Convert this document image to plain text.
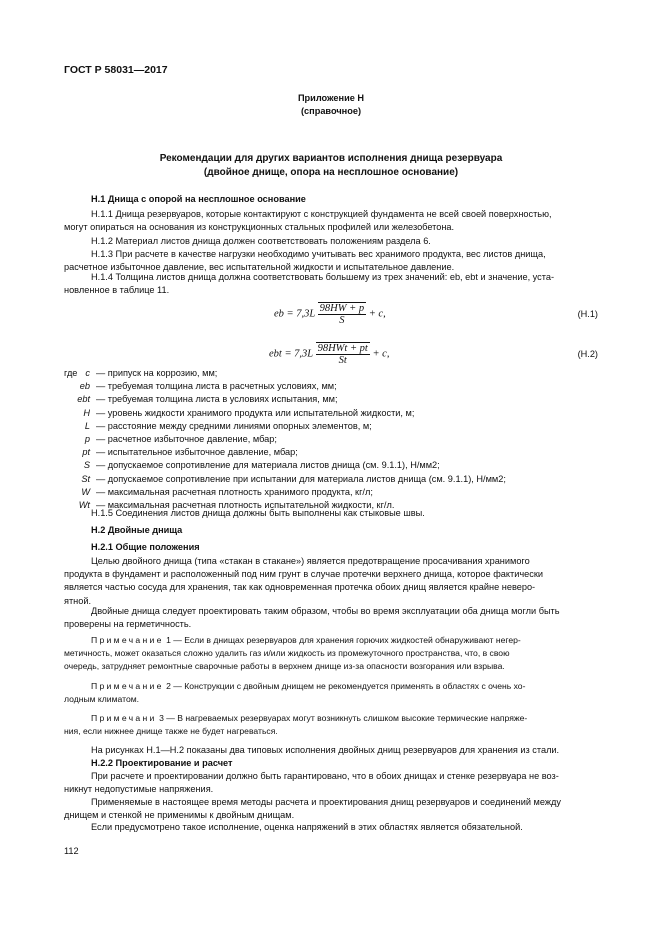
ГОСТ Р 58031—2017
Приложение Н
(справочное)
Рекомендации для других вариантов исполнения днища резервуара
(двойное днище, опора на несплошное основание)
Н.1 Днища с опорой на несплошное основание
Н.1.1 Днища резервуаров, которые контактируют с конструкцией фундамента не всей своей поверхностью,
могут опираться на основания из конструкционных стальных профилей или железобетона.
Н.1.2 Материал листов днища должен соответствовать положениям раздела 6.
Н.1.3 При расчете в качестве нагрузки необходимо учитывать вес хранимого продукта, вес листов днища,
расчетное избыточное давление, вес испытательной жидкости и испытательное давление.
Н.1.4 Толщина листов днища должна соответствовать большему из трех значений: eb, ebt и значение, уста-
новленное в таблице 11.
eb = $7,3L \frac{98HW + p}{S} + c$,	(Н.1)
ebt = $7,3L \frac{\text{98HWt + pt}}{St} + c$,	(Н.2)
где c — припуск на коррозию, мм;
eb — требуемая толщина листа в расчетных условиях, мм;
ebt — требуемая толщина листа в условиях испытания, мм;
H — уровень жидкости хранимого продукта или испытательной жидкости, м;
L — расстояние между средними линиями опорных элементов, м;
p — расчетное избыточное давление, мбар;
pt — испытательное избыточное давление, мбар;
S — допускаемое сопротивление для материала листов днища (см. 9.1.1), Н/мм2;
St — допускаемое сопротивление при испытании для материала листов днища (см. 9.1.1), Н/мм2;
W — максимальная расчетная плотность хранимого продукта, кг/л;
Wt — максимальная расчетная плотность испытательной жидкости, кг/л.
Н.1.5 Соединения листов днища должны быть выполнены как стыковые швы.
Н.2 Двойные днища
Н.2.1 Общие положения
Целью двойного днища (типа «стакан в стакане») является предотвращение просачивания хранимого
продукта в фундамент и расположенный под ним грунт в случае протечки верхнего днища, которое фактически
является частью сосуда для хранения, так как одновременная протечка обоих днищ является крайне неверо-
ятной.
Двойные днища следует проектировать таким образом, чтобы во время эксплуатации оба днища могли быть
проверены на герметичность.
Примечание 1 — Если в днищах резервуаров для хранения горючих жидкостей обнаруживают негер-
метичность, может оказаться сложно удалить газ и/или жидкость из промежуточного пространства, что, в свою
очередь, затрудняет ремонтные сварочные работы в верхнем днище из-за опасности возгорания или взрыва.
Примечание 2 — Конструкции с двойным днищем не рекомендуется применять в областях с очень хо-
лодным климатом.
Примечани 3 — В нагреваемых резервуарах могут возникнуть слишком высокие термические напряже-
ния, если нижнее днище также не будет нагреваться.
На рисунках Н.1—Н.2 показаны два типовых исполнения двойных днищ резервуаров для хранения из стали.
Н.2.2 Проектирование и расчет
При расчете и проектировании должно быть гарантировано, что в обоих днищах и стенке резервуара не воз-
никнут недопустимые напряжения.
Применяемые в настоящее время методы расчета и проектирования днищ резервуаров и соединений между
днищем и стенкой не применимы к двойным днищам.
Если предусмотрено такое исполнение, оценка напряжений в этих областях является обязательной.
112
